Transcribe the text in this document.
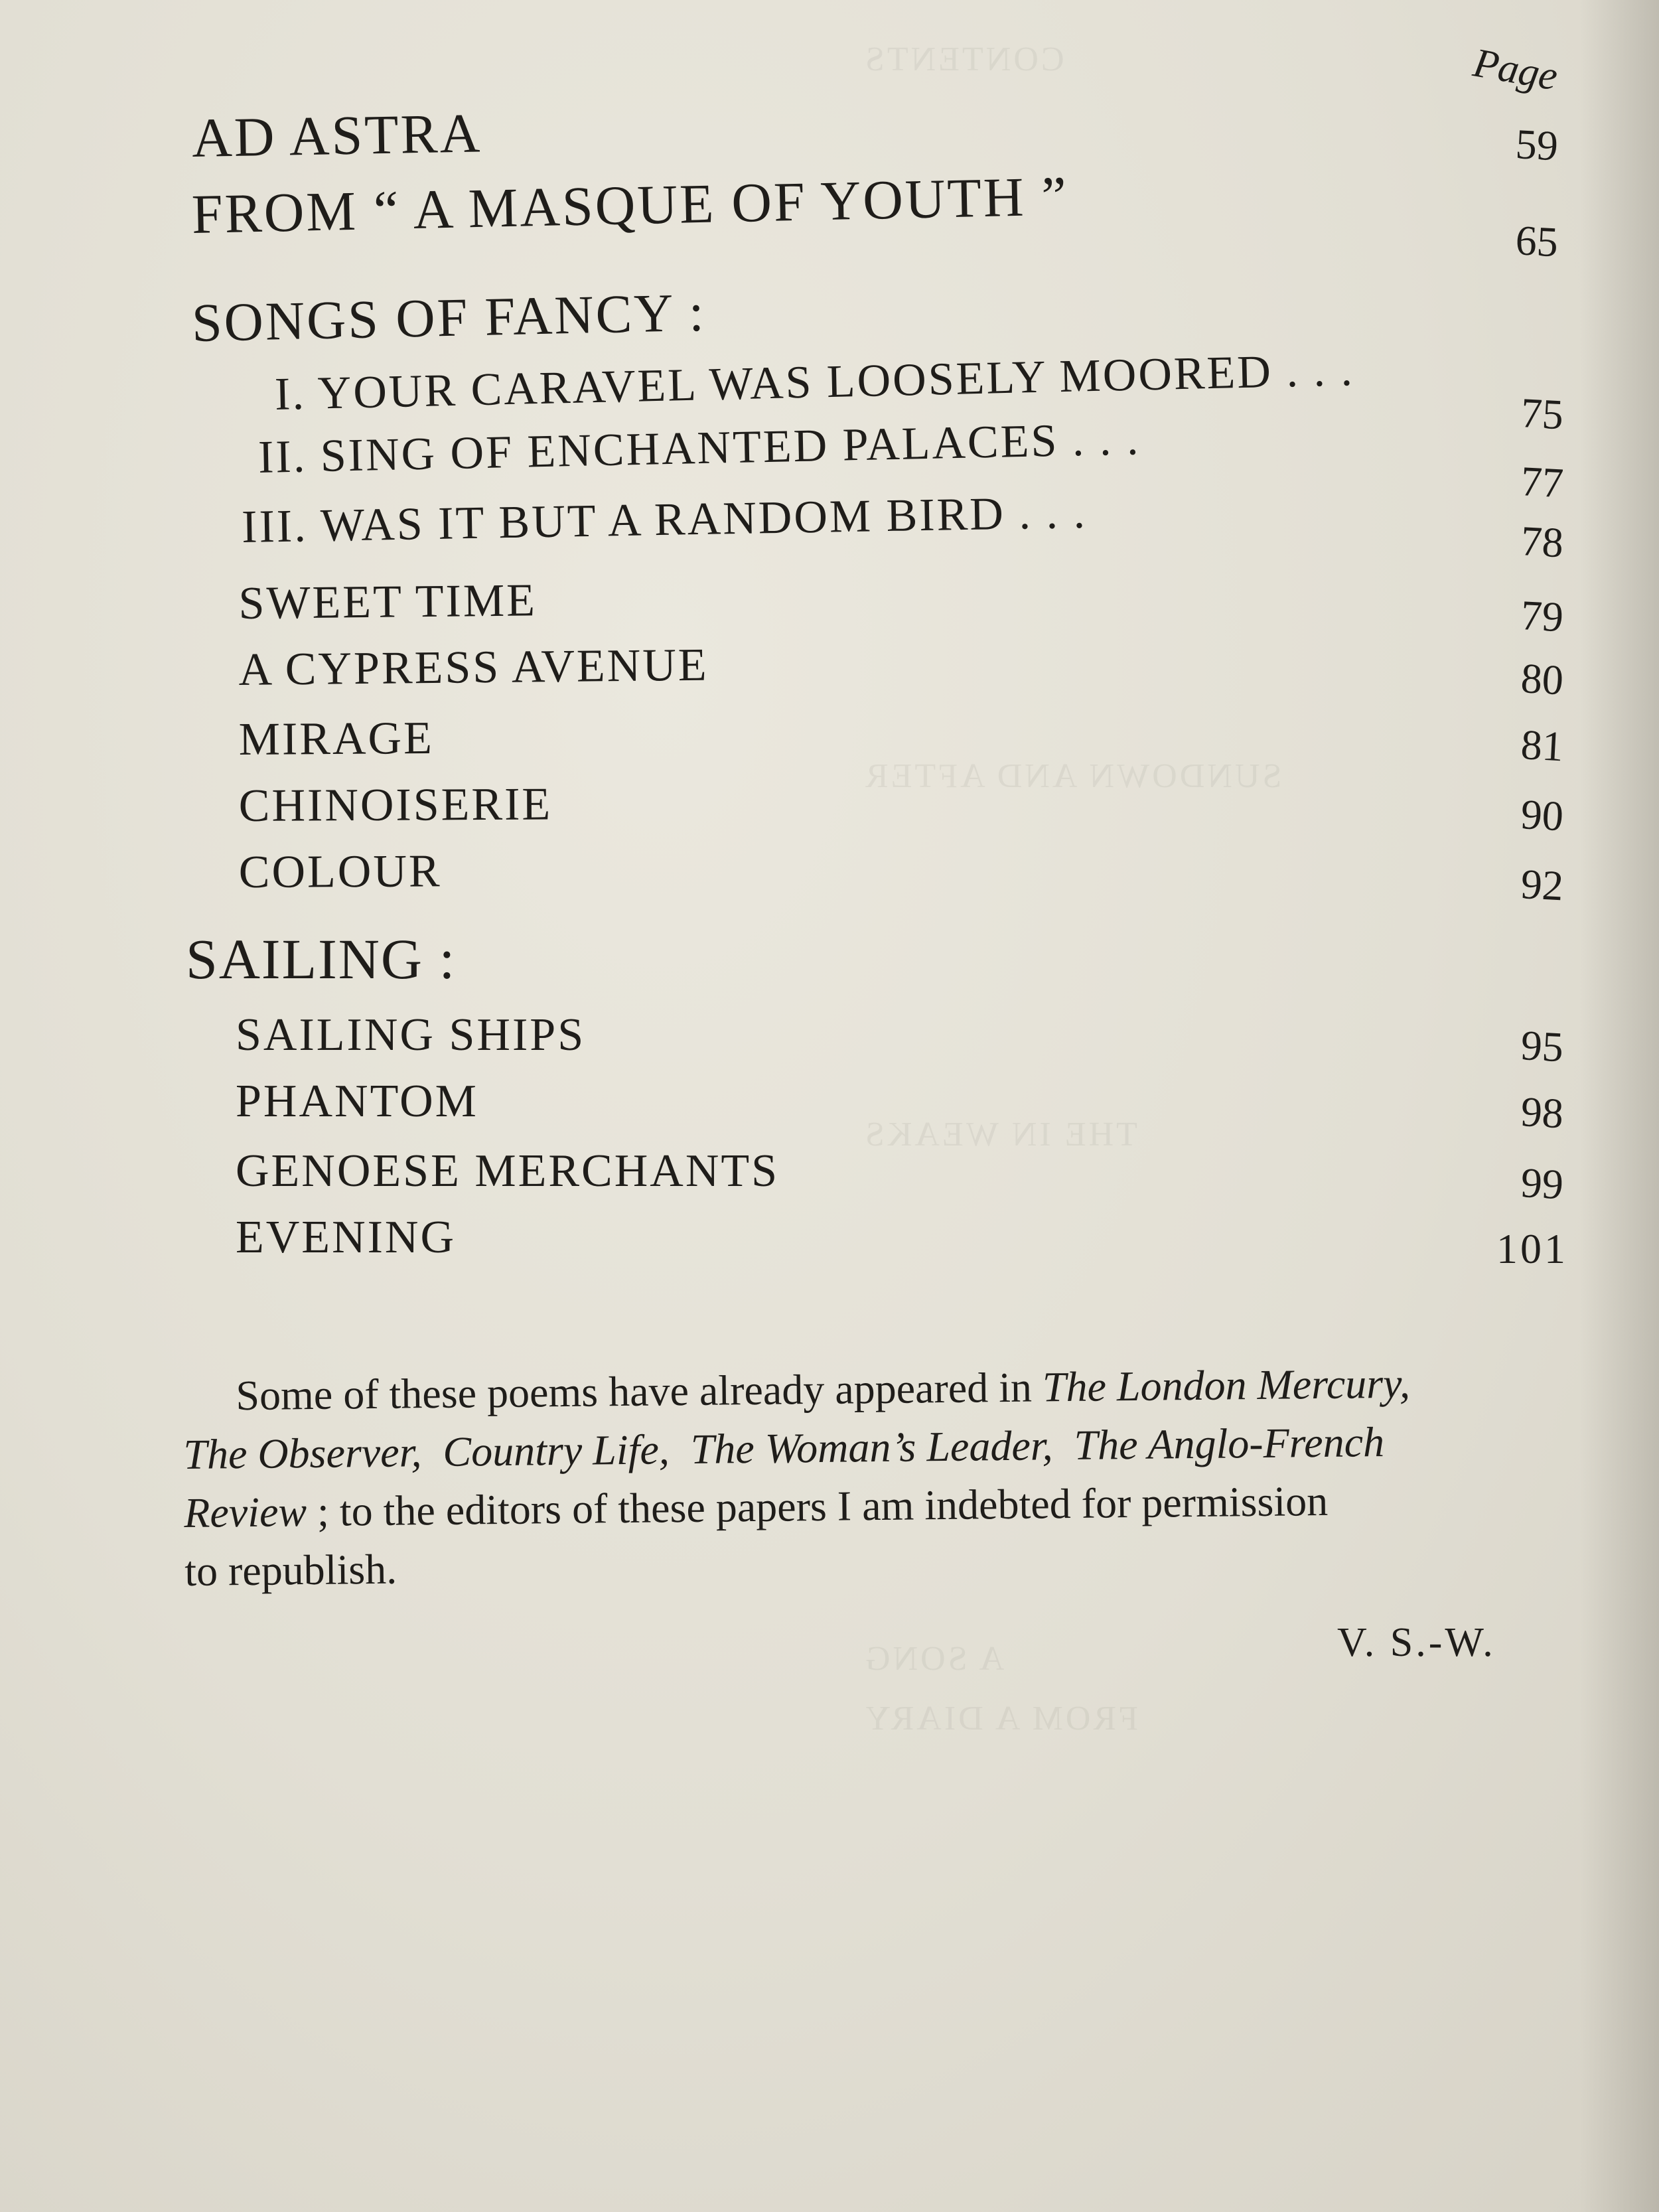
CONTENTS
SUNDOWN AND AFTER
THE IN WEAKS
A SONG
FROM A DIARY
Page
AD ASTRA	59
FROM “ A MASQUE OF YOUTH ”	65
SONGS OF FANCY :
I. YOUR CARAVEL WAS LOOSELY MOORED . . .	75
II. SING OF ENCHANTED PALACES . . .	77
III. WAS IT BUT A RANDOM BIRD . . .	78
SWEET TIME	79
A CYPRESS AVENUE	80
MIRAGE	81
CHINOISERIE	90
COLOUR	92
SAILING :
SAILING SHIPS	95
PHANTOM	98
GENOESE MERCHANTS	99
EVENING	101
Some of these poems have already appeared in The London Mercury,
The Observer, Country Life, The Woman’s Leader, The Anglo-French
Review ; to the editors of these papers I am indebted for permission
to republish.
V. S.-W.
